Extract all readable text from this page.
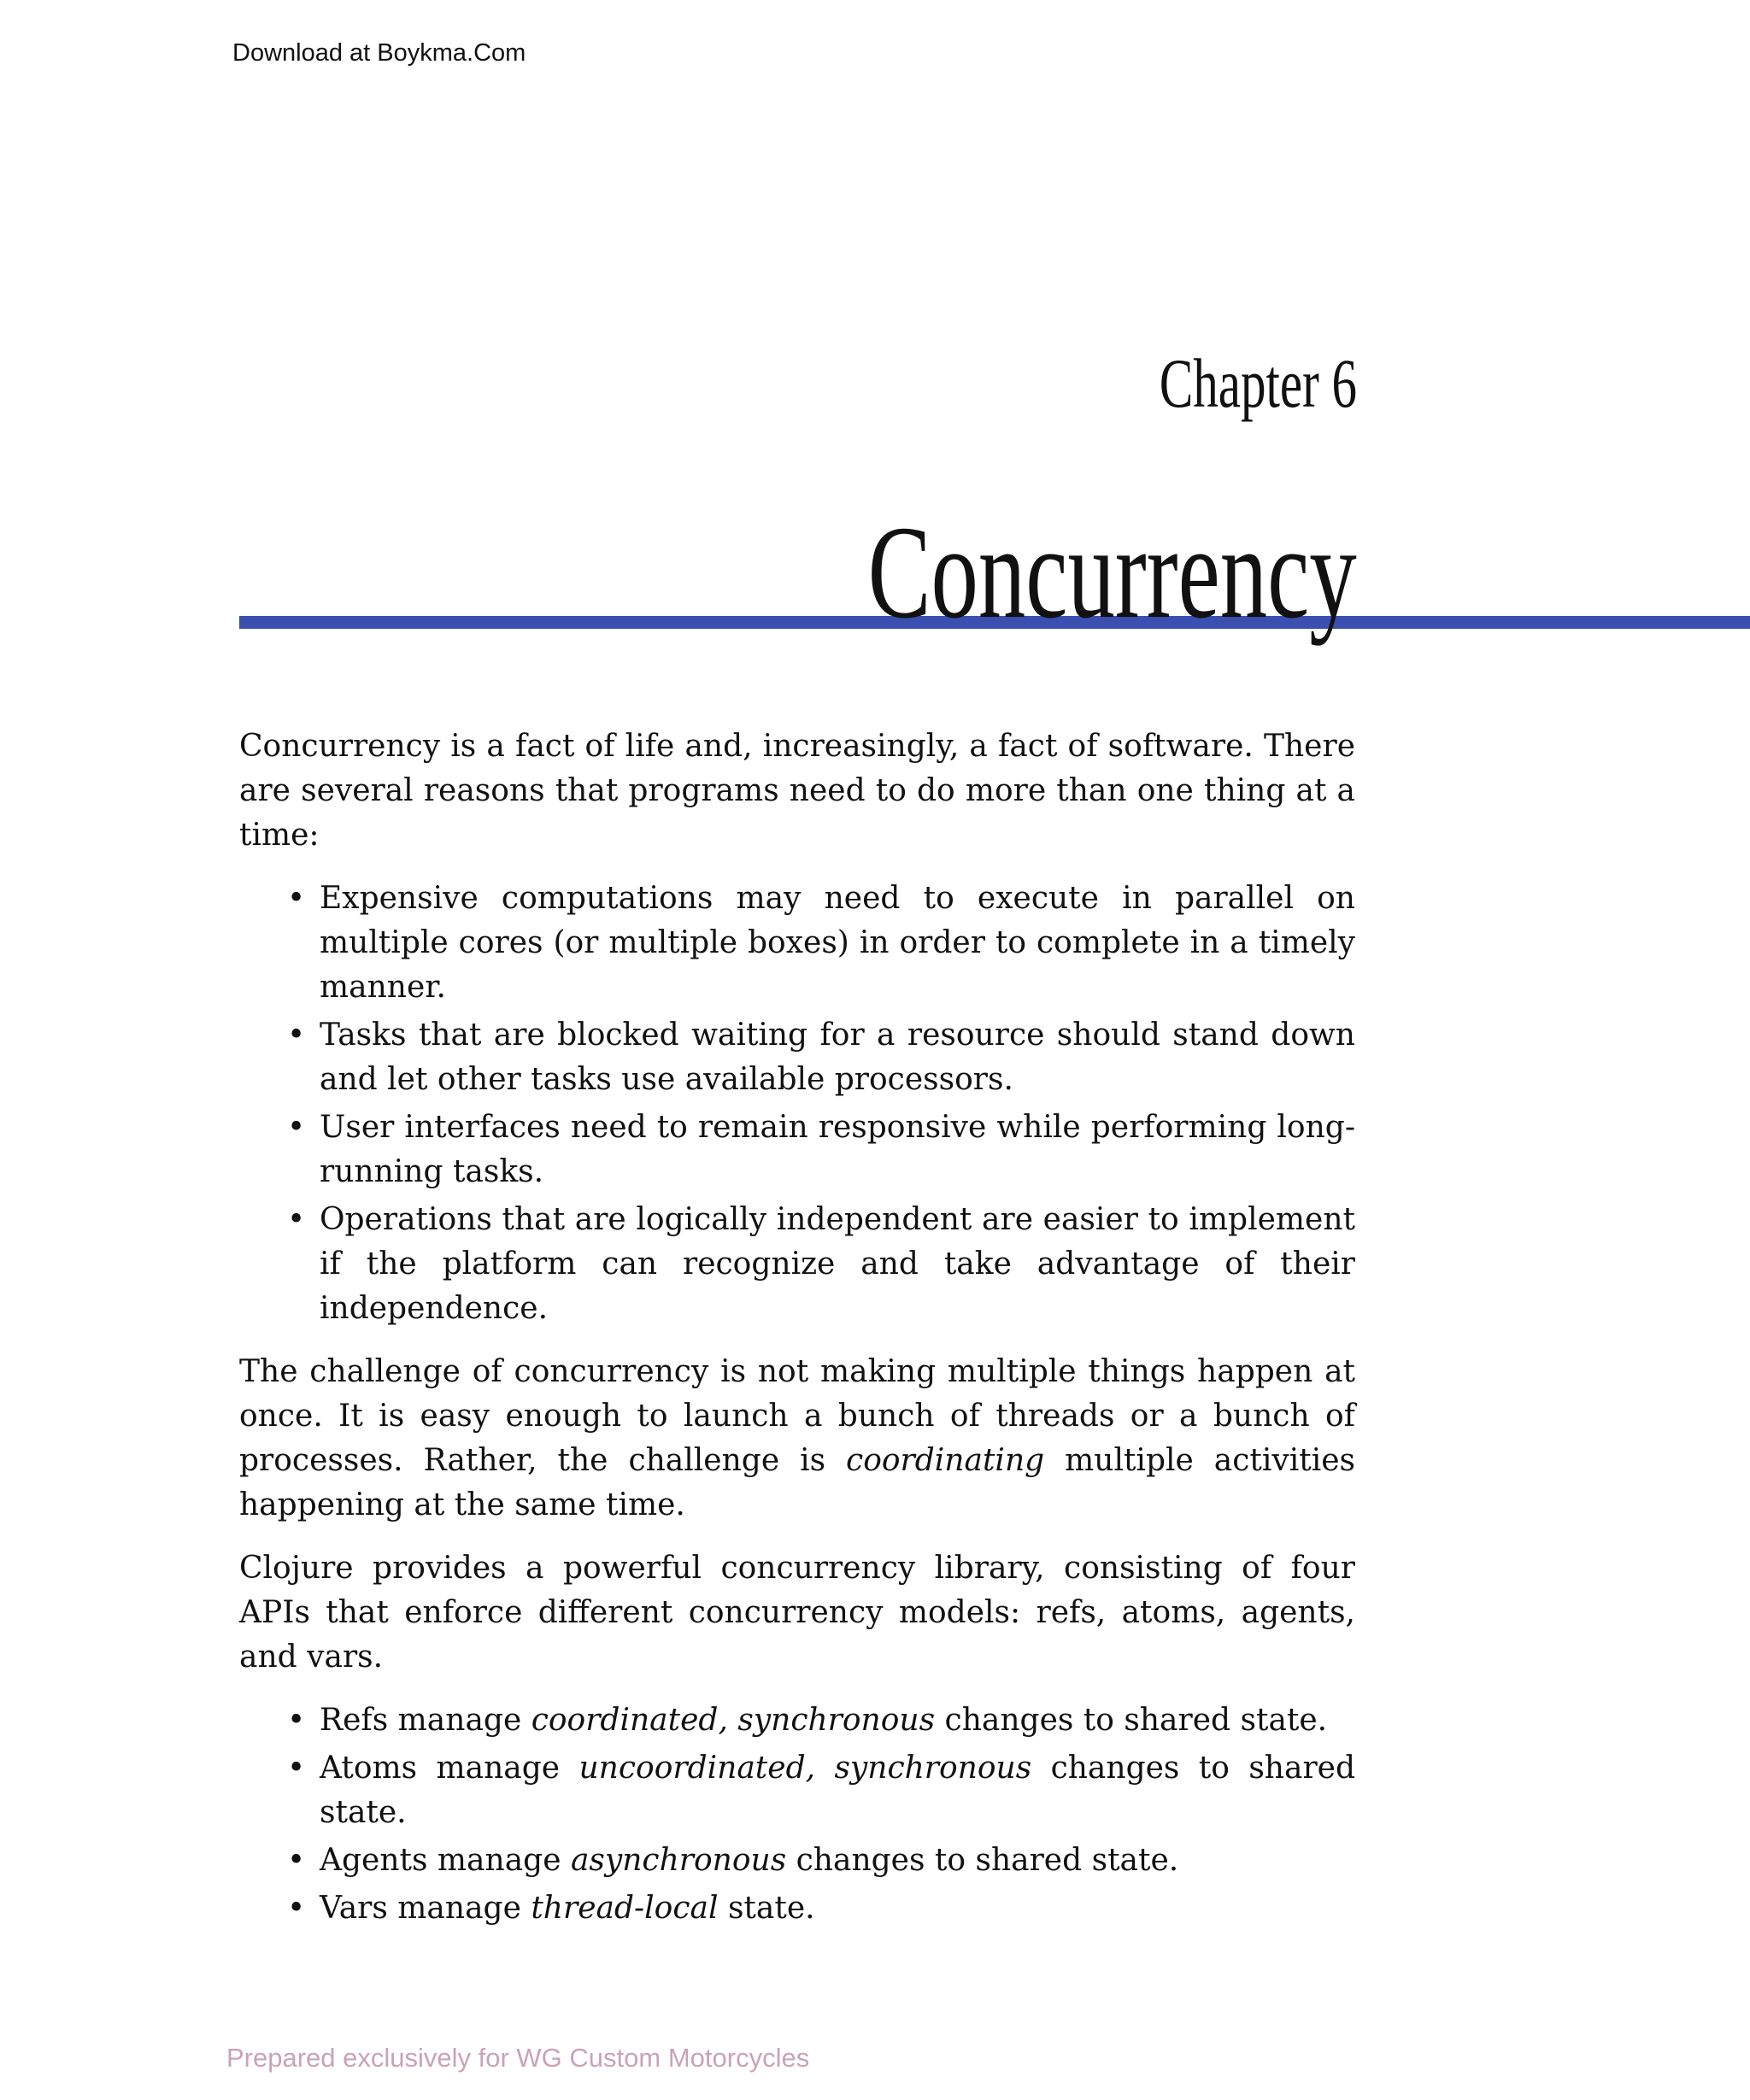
Download at Boykma.Com
Chapter 6
Concurrency

Concurrency is a fact of life and, increasingly, a fact of software. There are several reasons that programs need to do more than one thing at a time:

• Expensive computations may need to execute in parallel on multiple cores (or multiple boxes) in order to complete in a timely manner.
• Tasks that are blocked waiting for a resource should stand down and let other tasks use available processors.
• User interfaces need to remain responsive while performing long-running tasks.
• Operations that are logically independent are easier to implement if the platform can recognize and take advantage of their independence.

The challenge of concurrency is not making multiple things happen at once. It is easy enough to launch a bunch of threads or a bunch of processes. Rather, the challenge is coordinating multiple activities happening at the same time.

Clojure provides a powerful concurrency library, consisting of four APIs that enforce different concurrency models: refs, atoms, agents, and vars.

• Refs manage coordinated, synchronous changes to shared state.
• Atoms manage uncoordinated, synchronous changes to shared state.
• Agents manage asynchronous changes to shared state.
• Vars manage thread-local state.
Prepared exclusively for WG Custom Motorcycles
